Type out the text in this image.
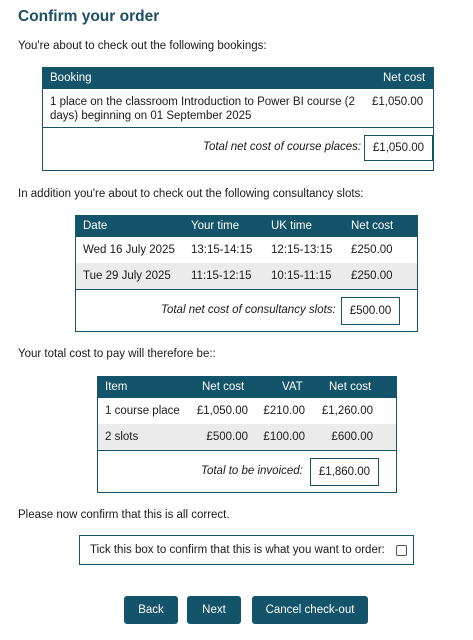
Confirm your order
You're about to check out the following bookings:
Booking	Net cost
1 place on the classroom Introduction to Power BI course (2
days) beginning on 01 September 2025
£1,050.00
Total net cost of course places:	£1,050.00
In addition you're about to check out the following consultancy slots:
Date	Your time	UK time	Net cost
Wed 16 July 2025 13:15-14:15 12:15-13:15 £250.00
Tue 29 July 2025 11:15-12:15 10:15-11:15 £250.00
Total net cost of consultancy slots:	£500.00
Your total cost to pay will therefore be::
Item	Net cost	VAT Net cost
1 course place £1,050.00 £210.00 £1,260.00
2 slots	£500.00 £100.00 £600.00
Total to be invoiced:	£1,860.00
Please now confirm that this is all correct.
Tick this box to confirm that this is what you want to order:
Back	Next	Cancel check-out
